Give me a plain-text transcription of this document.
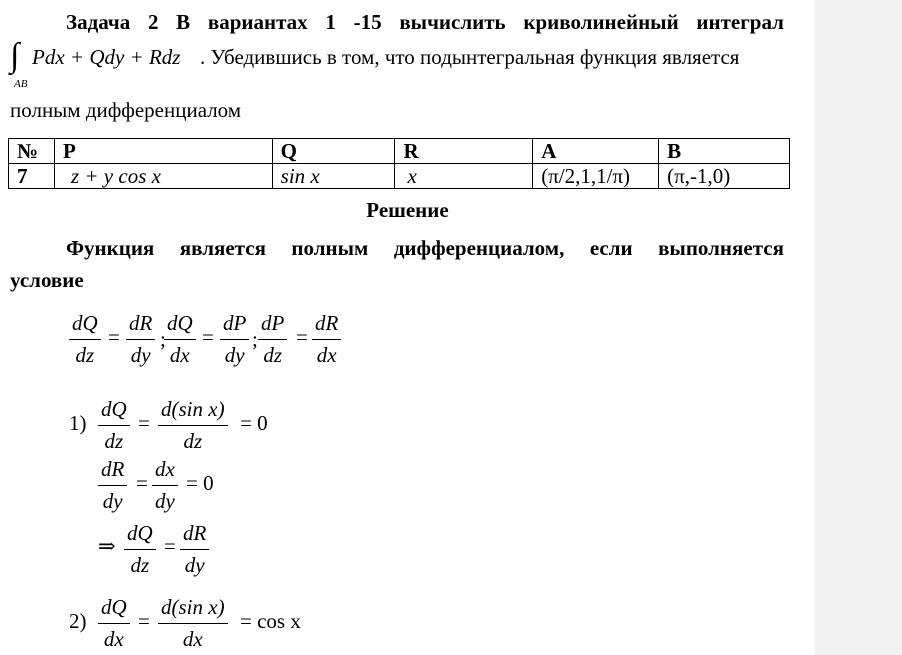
Задача 2 В вариантах 1 -15 вычислить криволинейный интеграл
∫
AB
Pdx + Qdy + Rdz . Убедившись в том, что подынтегральная функция является
полным дифференциалом
№	P	Q	R	A	B
7	z + y cos x	sin x	x	(π/2,1,1/π)	(π,-1,0)
Решение
Функция является полным дифференциалом, если выполняется
условие
$\frac{dQ}{dz} = \frac{dR}{dy}$ ;
$\frac{dQ}{dx} = \frac{dP}{dy}$ ; $\frac{dP}{dz} = \frac{dR}{dx}$
$1) \frac{dQ}{dz} = \frac{\text{d(sin x)}}{dz} = 0$
$\frac{dR}{dy} = \frac{dx}{dy} = 0$
⇒ $\frac{dQ}{dz} = \frac{dR}{dy}$
$2) \frac{dQ}{dx} = \frac{\text{d(sin x)}}{dx} = \cos x$
